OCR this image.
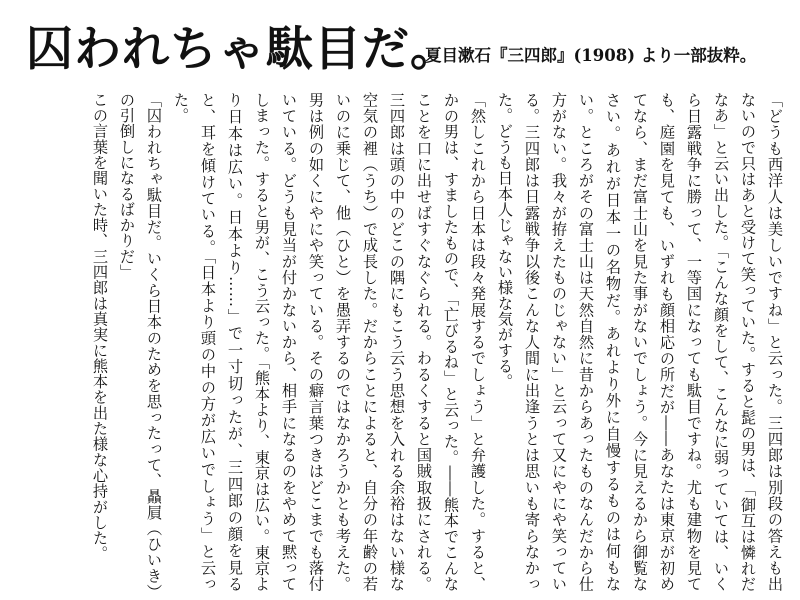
囚われちゃ駄目だ。
夏目漱石『三四郎』(1908) より一部抜粋。

「どうも西洋人は美しいですね」と云った。三四郎は別段の答えも出ないので只はあと受けて笑っていた。すると髭の男は、「御互は憐れだなあ」と云い出した。「こんな顔をして、こんなに弱っていては、いくら日露戦争に勝って、一等国になっても駄目ですね。尤も建物を見ても、庭園を見ても、いずれも顔相応の所だが――あなたは東京が初めてなら、まだ富士山を見た事がないでしょう。今に見えるから御覧なさい。あれが日本一の名物だ。あれより外に自慢するものは何もない。ところがその富士山は天然自然に昔からあったものなんだから仕方がない。我々が拵えたものじゃない」と云って又にやにや笑っている。三四郎は日露戦争以後こんな人間に出逢うとは思いも寄らなかった。どうも日本人じゃない様な気がする。

「然しこれから日本は段々発展するでしょう」と弁護した。すると、かの男は、すましたもので、「亡びるね」と云った。――熊本でこんなことを口に出せばすぐなぐられる。わるくすると国賊取扱にされる。三四郎は頭の中のどこの隅にもこう云う思想を入れる余裕はない様な空気の裡（うち）で成長した。だからことによると、自分の年齢の若いのに乗じて、他（ひと）を愚弄するのではなかろうかとも考えた。男は例の如くにやにや笑っている。その癖言葉つきはどこまでも落付いている。どうも見当が付かないから、相手になるのをやめて黙ってしまった。すると男が、こう云った。「熊本より、東京は広い。東京より日本は広い。日本より……」で一寸切ったが、三四郎の顔を見ると、耳を傾けている。「日本より頭の中の方が広いでしょう」と云った。

「囚われちゃ駄目だ。いくら日本のためを思ったって、贔屓（ひいき）の引倒しになるばかりだ」

この言葉を聞いた時、三四郎は真実に熊本を出た様な心持がした。
